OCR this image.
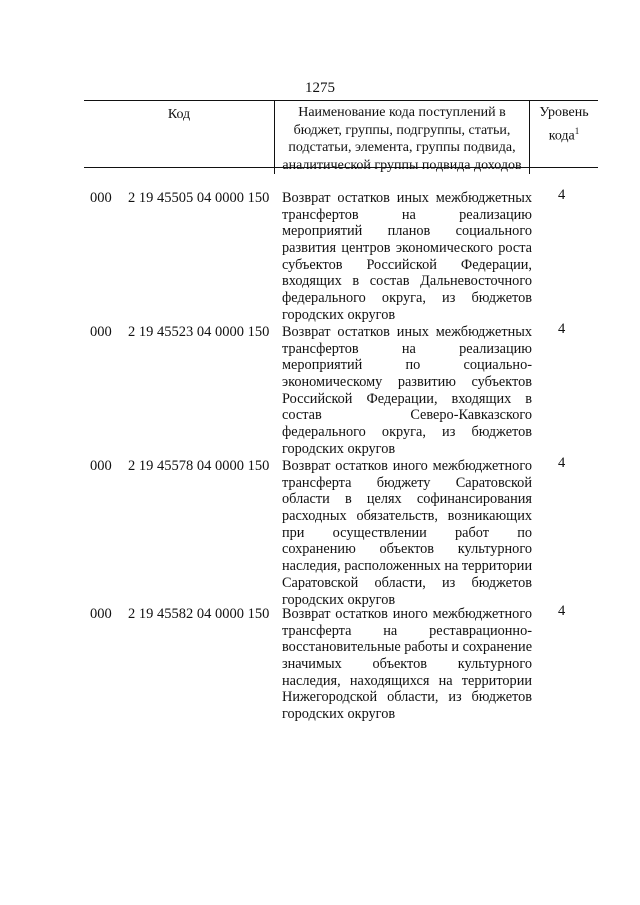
1275
Код	Наименование кода поступлений в
бюджет, группы, подгруппы, статьи,
подстатьи, элемента, группы подвида,
аналитической группы подвида доходов
Уровень
кода$^1$
000 2 19 45505 04 0000 150 Возврат остатков иных межбюджетных
трансфертов на реализацию
мероприятий планов социального
развития центров экономического роста
субъектов Российской Федерации,
входящих в состав Дальневосточного
федерального округа, из бюджетов
городских округов
4
000 2 19 45523 04 0000 150 Возврат остатков иных межбюджетных
трансфертов на реализацию
мероприятий по социально-
экономическому развитию субъектов
Российской Федерации, входящих в
состав Северо-Кавказского
федерального округа, из бюджетов
городских округов
4
000 2 19 45578 04 0000 150 Возврат остатков иного межбюджетного
трансферта бюджету Саратовской
области в целях софинансирования
расходных обязательств, возникающих
при осуществлении работ по
сохранению объектов культурного
наследия, расположенных на территории
Саратовской области, из бюджетов
городских округов
4
000 2 19 45582 04 0000 150 Возврат остатков иного межбюджетного
трансферта на реставрационно-
восстановительные работы и сохранение
значимых объектов культурного
наследия, находящихся на территории
Нижегородской области, из бюджетов
городских округов
4
